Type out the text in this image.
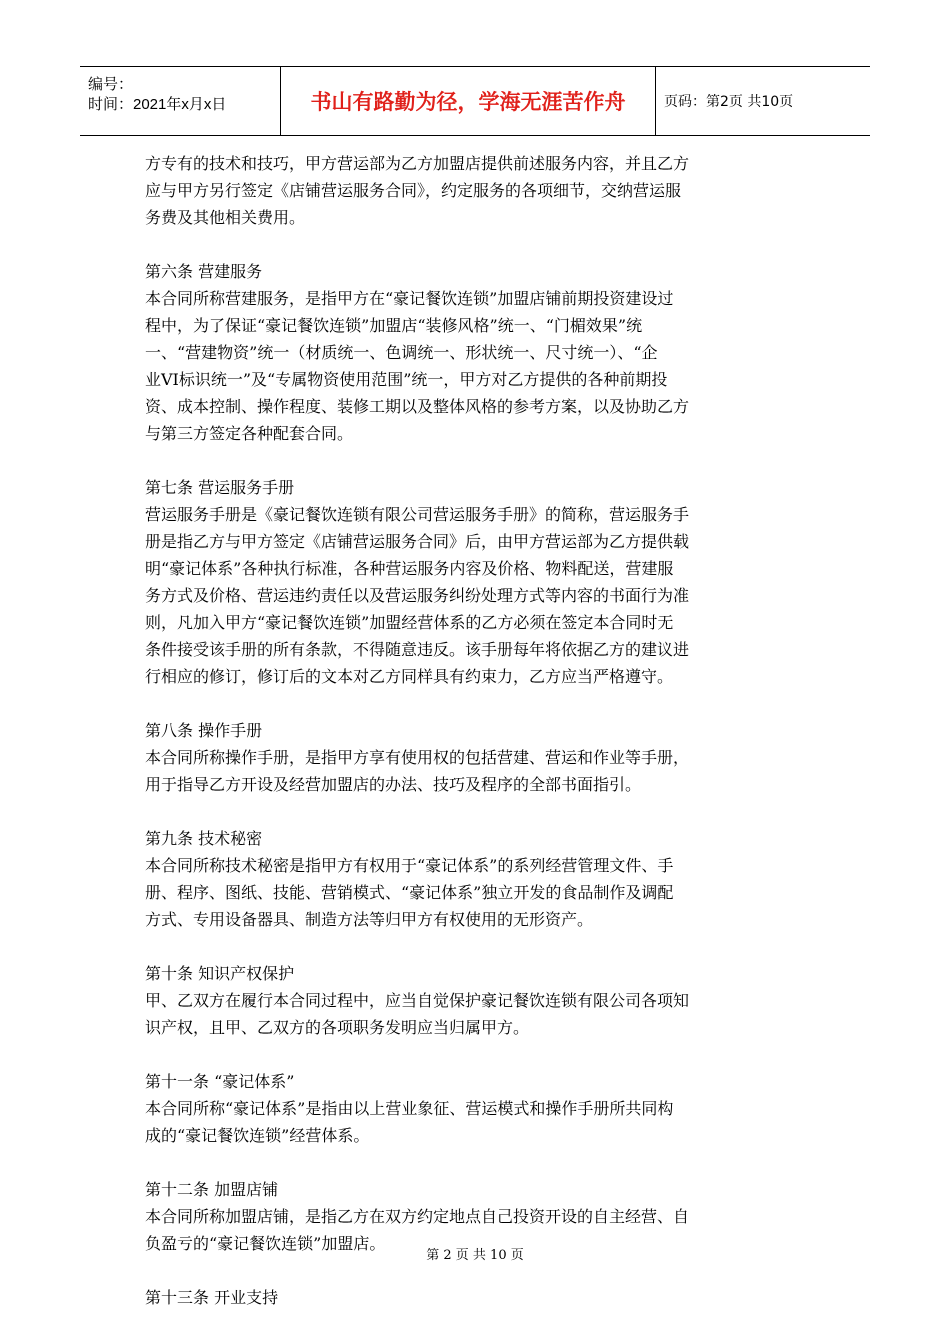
编号：
时间：2021年x月x日	书山有路勤为径，学海无涯苦作舟	页码：第2页 共10页

方专有的技术和技巧，甲方营运部为乙方加盟店提供前述服务内容，并且乙方

应与甲方另行签定《店铺营运服务合同》，约定服务的各项细节，交纳营运服

务费及其他相关费用。

第六条 营建服务

本合同所称营建服务，是指甲方在“豪记餐饮连锁”加盟店铺前期投资建设过

程中，为了保证“豪记餐饮连锁”加盟店“装修风格”统一、“门楣效果”统

一、“营建物资”统一（材质统一、色调统一、形状统一、尺寸统一）、“企

业VI标识统一”及“专属物资使用范围”统一，甲方对乙方提供的各种前期投

资、成本控制、操作程度、装修工期以及整体风格的参考方案，以及协助乙方

与第三方签定各种配套合同。

第七条 营运服务手册

营运服务手册是《豪记餐饮连锁有限公司营运服务手册》的简称，营运服务手

册是指乙方与甲方签定《店铺营运服务合同》后，由甲方营运部为乙方提供载

明“豪记体系”各种执行标准，各种营运服务内容及价格、物料配送，营建服

务方式及价格、营运违约责任以及营运服务纠纷处理方式等内容的书面行为准

则，凡加入甲方“豪记餐饮连锁”加盟经营体系的乙方必须在签定本合同时无

条件接受该手册的所有条款，不得随意违反。该手册每年将依据乙方的建议进

行相应的修订，修订后的文本对乙方同样具有约束力，乙方应当严格遵守。

第八条 操作手册

本合同所称操作手册，是指甲方享有使用权的包括营建、营运和作业等手册，

用于指导乙方开设及经营加盟店的办法、技巧及程序的全部书面指引。

第九条 技术秘密

本合同所称技术秘密是指甲方有权用于“豪记体系”的系列经营管理文件、手

册、程序、图纸、技能、营销模式、“豪记体系”独立开发的食品制作及调配

方式、专用设备器具、制造方法等归甲方有权使用的无形资产。

第十条 知识产权保护

甲、乙双方在履行本合同过程中，应当自觉保护豪记餐饮连锁有限公司各项知

识产权，且甲、乙双方的各项职务发明应当归属甲方。

第十一条 “豪记体系”

本合同所称“豪记体系”是指由以上营业象征、营运模式和操作手册所共同构

成的“豪记餐饮连锁”经营体系。

第十二条 加盟店铺

本合同所称加盟店铺，是指乙方在双方约定地点自己投资开设的自主经营、自

负盈亏的“豪记餐饮连锁”加盟店。

第十三条 开业支持

第 2 页 共 10 页
